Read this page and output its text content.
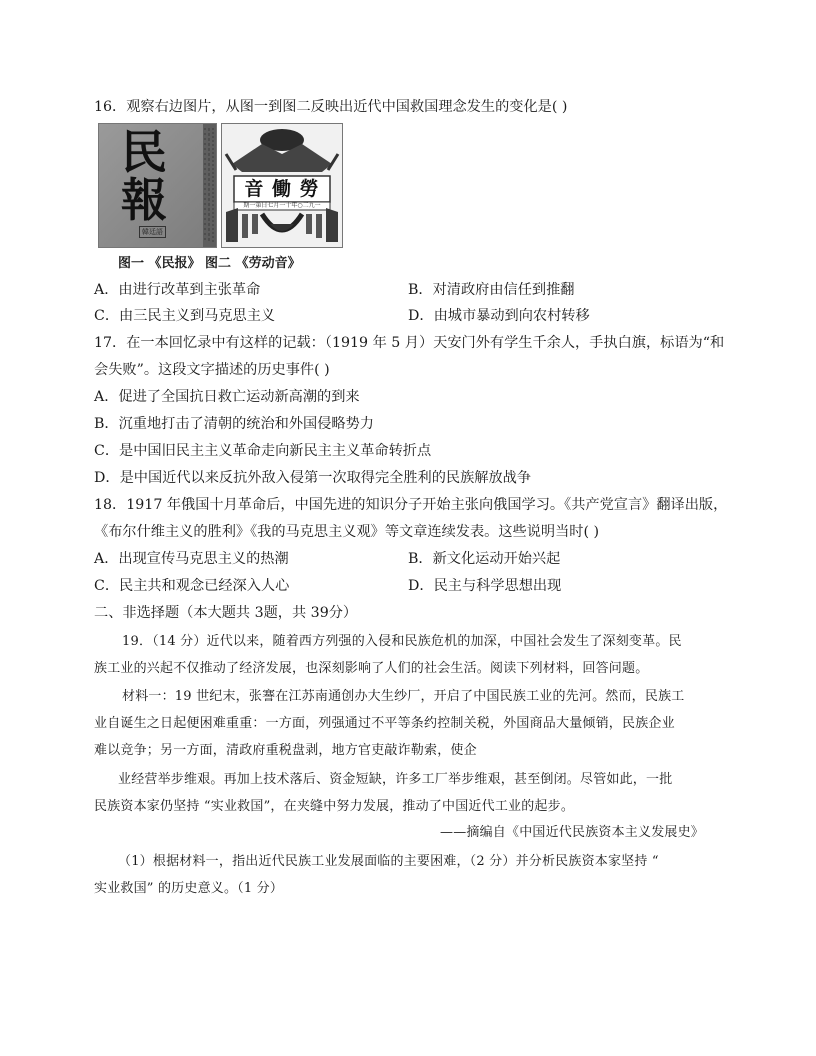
16．观察右边图片，从图一到图二反映出近代中国救国理念发生的变化是( )
民
報
韓廷語
音 働 勞
期一第日七月一十年○二九一
图一 《民报》 图二 《劳动音》
A．由进行改革到主张革命	B．对清政府由信任到推翻
C．由三民主义到马克思主义	D．由城市暴动到向农村转移
17．在一本回忆录中有这样的记载：（1919 年 5 月）天安门外有学生千余人，手执白旗，标语为“和
会失败”。这段文字描述的历史事件( )
A．促进了全国抗日救亡运动新高潮的到来
B．沉重地打击了清朝的统治和外国侵略势力
C．是中国旧民主主义革命走向新民主主义革命转折点
D．是中国近代以来反抗外敌入侵第一次取得完全胜利的民族解放战争
18．1917 年俄国十月革命后，中国先进的知识分子开始主张向俄国学习。《共产党宣言》翻译出版，
《布尔什维主义的胜利》《我的马克思主义观》等文章连续发表。这些说明当时( )
A．出现宣传马克思主义的热潮	B．新文化运动开始兴起
C．民主共和观念已经深入人心	D．民主与科学思想出现
二、非选择题（本大题共 3题，共 39分）
19．（14 分）近代以来，随着西方列强的入侵和民族危机的加深，中国社会发生了深刻变革。民
族工业的兴起不仅推动了经济发展，也深刻影响了人们的社会生活。阅读下列材料，回答问题。
材料一：19 世纪末，张謇在江苏南通创办大生纱厂，开启了中国民族工业的先河。然而，民族工
业自诞生之日起便困难重重：一方面，列强通过不平等条约控制关税，外国商品大量倾销，民族企业
难以竞争；另一方面，清政府重税盘剥，地方官吏敲诈勒索，使企
业经营举步维艰。再加上技术落后、资金短缺，许多工厂举步维艰，甚至倒闭。尽管如此，一批
民族资本家仍坚持 “实业救国”，在夹缝中努力发展，推动了中国近代工业的起步。
——摘编自《中国近代民族资本主义发展史》
（1）根据材料一，指出近代民族工业发展面临的主要困难，（2 分）并分析民族资本家坚持 “
实业救国” 的历史意义。（1 分）
